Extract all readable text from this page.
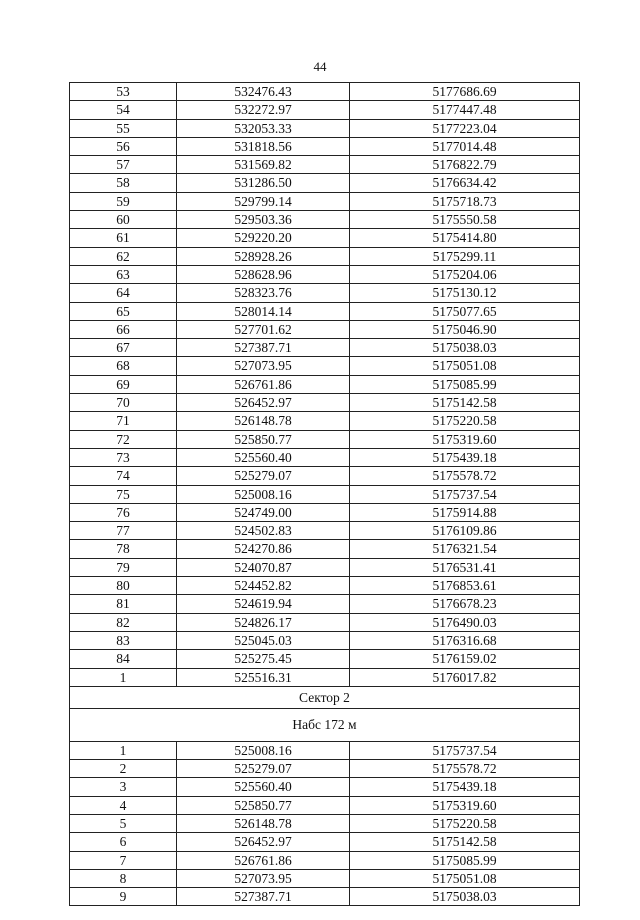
44
53	532476.43	5177686.69
54	532272.97	5177447.48
55	532053.33	5177223.04
56	531818.56	5177014.48
57	531569.82	5176822.79
58	531286.50	5176634.42
59	529799.14	5175718.73
60	529503.36	5175550.58
61	529220.20	5175414.80
62	528928.26	5175299.11
63	528628.96	5175204.06
64	528323.76	5175130.12
65	528014.14	5175077.65
66	527701.62	5175046.90
67	527387.71	5175038.03
68	527073.95	5175051.08
69	526761.86	5175085.99
70	526452.97	5175142.58
71	526148.78	5175220.58
72	525850.77	5175319.60
73	525560.40	5175439.18
74	525279.07	5175578.72
75	525008.16	5175737.54
76	524749.00	5175914.88
77	524502.83	5176109.86
78	524270.86	5176321.54
79	524070.87	5176531.41
80	524452.82	5176853.61
81	524619.94	5176678.23
82	524826.17	5176490.03
83	525045.03	5176316.68
84	525275.45	5176159.02
1	525516.31	5176017.82
Сектор 2		
Набс 172 м		
1	525008.16	5175737.54
2	525279.07	5175578.72
3	525560.40	5175439.18
4	525850.77	5175319.60
5	526148.78	5175220.58
6	526452.97	5175142.58
7	526761.86	5175085.99
8	527073.95	5175051.08
9	527387.71	5175038.03
